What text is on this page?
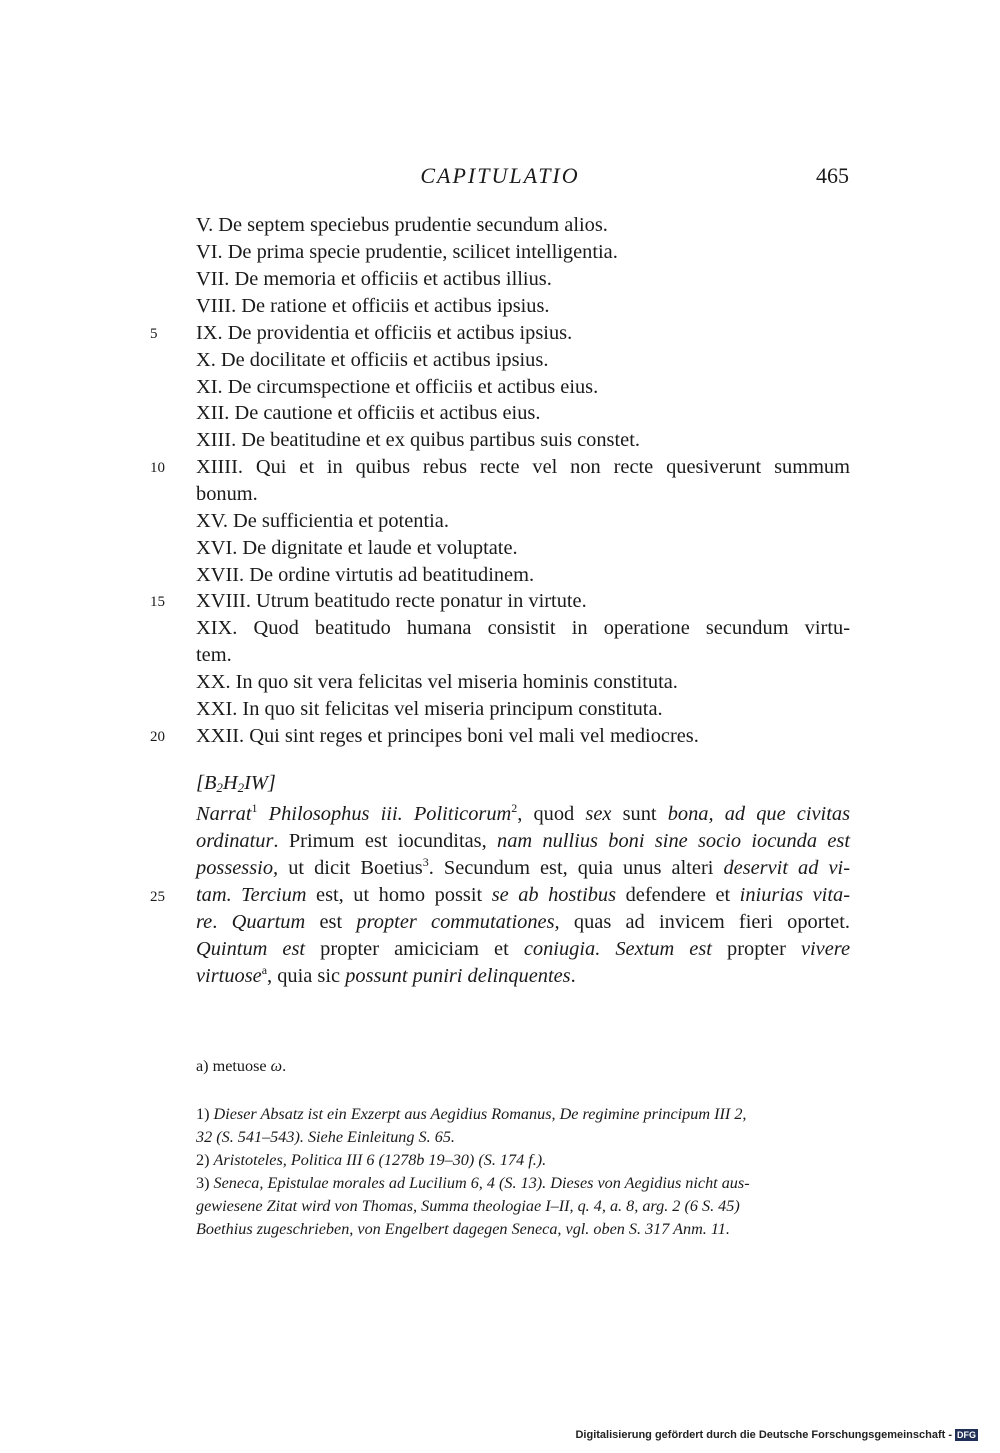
CAPITULATIO	465
V. De septem speciebus prudentie secundum alios.
VI. De prima specie prudentie, scilicet intelligentia.
VII. De memoria et officiis et actibus illius.
VIII. De ratione et officiis et actibus ipsius.
IX. De providentia et officiis et actibus ipsius.
X. De docilitate et officiis et actibus ipsius.
XI. De circumspectione et officiis et actibus eius.
XII. De cautione et officiis et actibus eius.
XIII. De beatitudine et ex quibus partibus suis constet.
XIIII. Qui et in quibus rebus recte vel non recte quesiverunt summum
bonum.
XV. De sufficientia et potentia.
XVI. De dignitate et laude et voluptate.
XVII. De ordine virtutis ad beatitudinem.
XVIII. Utrum beatitudo recte ponatur in virtute.
XIX. Quod beatitudo humana consistit in operatione secundum virtu-
tem.
XX. In quo sit vera felicitas vel miseria hominis constituta.
XXI. In quo sit felicitas vel miseria principum constituta.
XXII. Qui sint reges et principes boni vel mali vel mediocres.
5
10
15
20
25
$[B_2H_2IW]$
Narrat$^1$ Philosophus iii. Politicorum$^2$, quod sex sunt bona, ad que civitas
ordinatur. Primum est iocunditas, nam nullius boni sine socio iocunda est
possessio, ut dicit Boetius$^3$. Secundum est, quia unus alteri deservit ad vi-
tam. Tercium est, ut homo possit se ab hostibus defendere et iniurias vita-
re. Quartum est propter commutationes, quas ad invicem fieri oportet.
Quintum est propter amiciciam et coniugia. Sextum est propter vivere
virtuose$^a$, quia sic possunt puniri delinquentes.
a) metuose ω.
1) Dieser Absatz ist ein Exzerpt aus Aegidius Romanus, De regimine principum III 2,
32 (S. 541–543). Siehe Einleitung S. 65.
2) Aristoteles, Politica III 6 (1278b 19–30) (S. 174 f.).
3) Seneca, Epistulae morales ad Lucilium 6, 4 (S. 13). Dieses von Aegidius nicht aus-
gewiesene Zitat wird von Thomas, Summa theologiae I–II, q. 4, a. 8, arg. 2 (6 S. 45)
Boethius zugeschrieben, von Engelbert dagegen Seneca, vgl. oben S. 317 Anm. 11.
Digitalisierung gefördert durch die Deutsche Forschungsgemeinschaft - DFG
